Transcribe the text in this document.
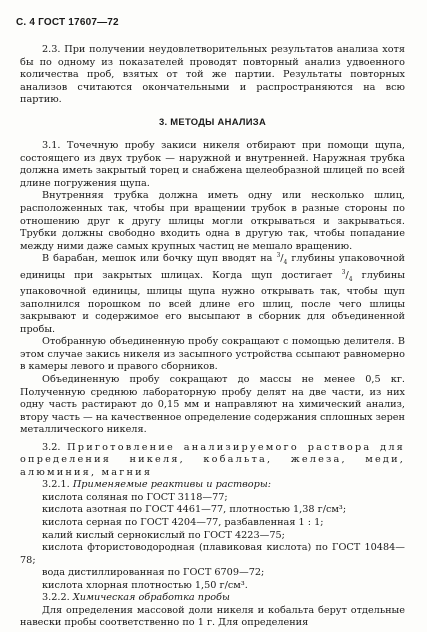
С. 4 ГОСТ 17607—72

2.3. При получении неудовлетворительных результатов анализа хотя бы по одному из показателей проводят повторный анализ удвоенного количества проб, взятых от той же партии. Результаты повторных анализов считаются окончательными и распространяются на всю партию.

3. МЕТОДЫ АНАЛИЗА

3.1. Точечную пробу закиси никеля отбирают при помощи щупа, состоящего из двух трубок — наружной и внутренней. Наружная трубка должна иметь закрытый торец и снабжена щелеобразной шлицей по всей длине погружения щупа.

Внутренняя трубка должна иметь одну или несколько шлиц, расположенных так, чтобы при вращении трубок в разные стороны по отношению друг к другу шлицы могли открываться и закрываться. Трубки должны свободно входить одна в другую так, чтобы попадание между ними даже самых крупных частиц не мешало вращению.

В барабан, мешок или бочку щуп вводят на $^3/_4$ глубины упаковочной единицы при закрытых шлицах. Когда щуп достигает $^3/_4$ глубины упаковочной единицы, шлицы щупа нужно открывать так, чтобы щуп заполнился порошком по всей длине его шлиц, после чего шлицы закрывают и содержимое его высыпают в сборник для объединенной пробы.

Отобранную объединенную пробу сокращают с помощью делителя. В этом случае закись никеля из засыпного устройства ссыпают равномерно в камеры левого и правого сборников.

Объединенную пробу сокращают до массы не менее 0,5 кг. Полученную среднюю лабораторную пробу делят на две части, из них одну часть растирают до 0,15 мм и направляют на химический анализ, втору часть — на качественное определение содержания сплошных зерен металлического никеля.

3.2. Приготовление анализируемого раствора для определения никеля, кобальта, железа, меди, алюминия, магния

3.2.1. Применяемые реактивы и растворы:

кислота соляная по ГОСТ 3118—77;

кислота азотная по ГОСТ 4461—77, плотностью 1,38 г/см³;

кислота серная по ГОСТ 4204—77, разбавленная 1 : 1;

калий кислый сернокислый по ГОСТ 4223—75;

кислота фтористоводородная (плавиковая кислота) по ГОСТ 10484—78;

вода дистиллированная по ГОСТ 6709—72;

кислота хлорная плотностью 1,50 г/см³.

3.2.2. Химическая обработка пробы

Для определения массовой доли никеля и кобальта берут отдельные навески пробы соответственно по 1 г. Для определения
